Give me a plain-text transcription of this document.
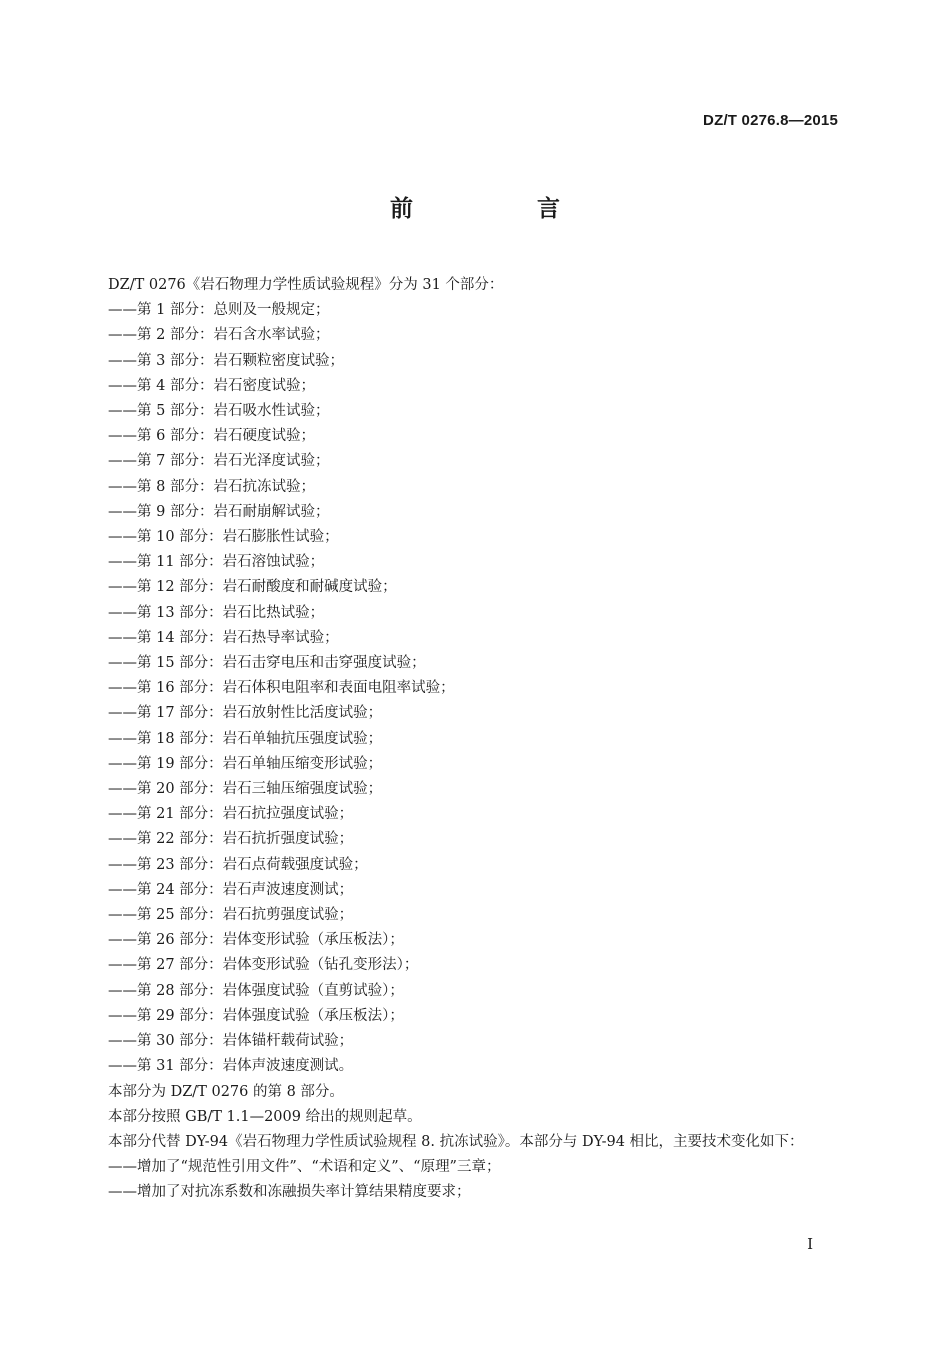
DZ/T 0276.8—2015
前 言
DZ/T 0276《岩石物理力学性质试验规程》分为 31 个部分：
——第 1 部分：总则及一般规定；
——第 2 部分：岩石含水率试验；
——第 3 部分：岩石颗粒密度试验；
——第 4 部分：岩石密度试验；
——第 5 部分：岩石吸水性试验；
——第 6 部分：岩石硬度试验；
——第 7 部分：岩石光泽度试验；
——第 8 部分：岩石抗冻试验；
——第 9 部分：岩石耐崩解试验；
——第 10 部分：岩石膨胀性试验；
——第 11 部分：岩石溶蚀试验；
——第 12 部分：岩石耐酸度和耐碱度试验；
——第 13 部分：岩石比热试验；
——第 14 部分：岩石热导率试验；
——第 15 部分：岩石击穿电压和击穿强度试验；
——第 16 部分：岩石体积电阻率和表面电阻率试验；
——第 17 部分：岩石放射性比活度试验；
——第 18 部分：岩石单轴抗压强度试验；
——第 19 部分：岩石单轴压缩变形试验；
——第 20 部分：岩石三轴压缩强度试验；
——第 21 部分：岩石抗拉强度试验；
——第 22 部分：岩石抗折强度试验；
——第 23 部分：岩石点荷载强度试验；
——第 24 部分：岩石声波速度测试；
——第 25 部分：岩石抗剪强度试验；
——第 26 部分：岩体变形试验（承压板法）；
——第 27 部分：岩体变形试验（钻孔变形法）；
——第 28 部分：岩体强度试验（直剪试验）；
——第 29 部分：岩体强度试验（承压板法）；
——第 30 部分：岩体锚杆载荷试验；
——第 31 部分：岩体声波速度测试。
本部分为 DZ/T 0276 的第 8 部分。
本部分按照 GB/T 1.1—2009 给出的规则起草。
本部分代替 DY-94《岩石物理力学性质试验规程 8. 抗冻试验》。本部分与 DY-94 相比，主要技术变化如下：
——增加了“规范性引用文件”、“术语和定义”、“原理”三章；
——增加了对抗冻系数和冻融损失率计算结果精度要求；
I
